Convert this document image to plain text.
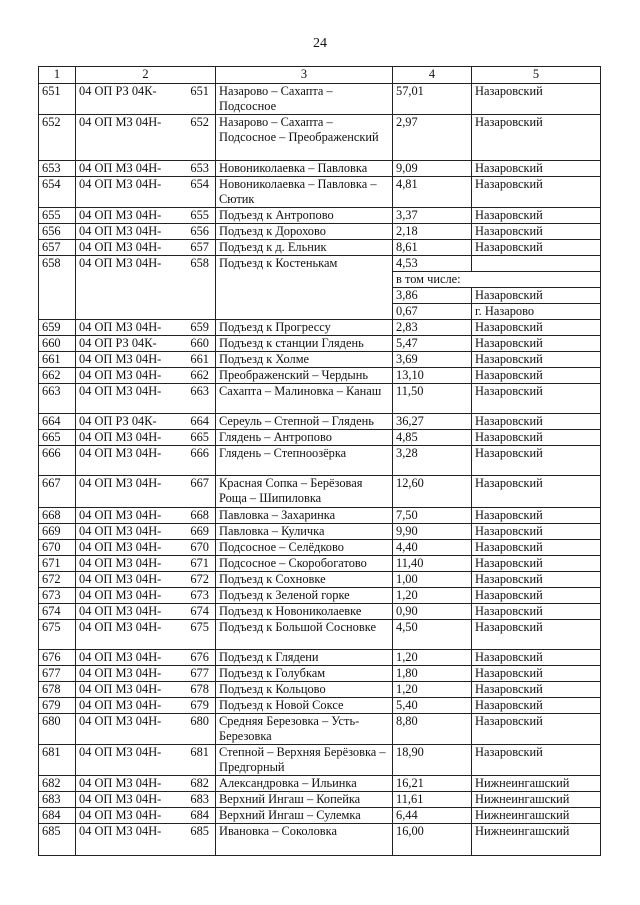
24
1	2	3	4	5
651	04 ОП РЗ 04К- 651	Назарово – Сахапта – Подсосное	57,01	Назаровский
652	04 ОП МЗ 04Н- 652	Назарово – Сахапта – Подсосное – Преображенский	2,97	Назаровский
653	04 ОП МЗ 04Н- 653	Новониколаевка – Павловка	9,09	Назаровский
654	04 ОП МЗ 04Н- 654	Новониколаевка – Павловка – Сютик	4,81	Назаровский
655	04 ОП МЗ 04Н- 655	Подъезд к Антропово	3,37	Назаровский
656	04 ОП МЗ 04Н- 656	Подъезд к Дорохово	2,18	Назаровский
657	04 ОП МЗ 04Н- 657	Подъезд к д. Ельник	8,61	Назаровский
658	04 ОП МЗ 04Н- 658	Подъезд к Костенькам	4,53	
			в том числе:	
			3,86	Назаровский
			0,67	г. Назарово
659	04 ОП МЗ 04Н- 659	Подъезд к Прогрессу	2,83	Назаровский
660	04 ОП РЗ 04К- 660	Подъезд к станции Глядень	5,47	Назаровский
661	04 ОП МЗ 04Н- 661	Подъезд к Холме	3,69	Назаровский
662	04 ОП МЗ 04Н- 662	Преображенский – Чердынь	13,10	Назаровский
663	04 ОП МЗ 04Н- 663	Сахапта – Малиновка – Канаш	11,50	Назаровский
664	04 ОП РЗ 04К- 664	Сереуль – Степной – Глядень	36,27	Назаровский
665	04 ОП МЗ 04Н- 665	Глядень – Антропово	4,85	Назаровский
666	04 ОП МЗ 04Н- 666	Глядень – Степноозёрка	3,28	Назаровский
667	04 ОП МЗ 04Н- 667	Красная Сопка – Берёзовая Роща – Шипиловка	12,60	Назаровский
668	04 ОП МЗ 04Н- 668	Павловка – Захаринка	7,50	Назаровский
669	04 ОП МЗ 04Н- 669	Павловка – Куличка	9,90	Назаровский
670	04 ОП МЗ 04Н- 670	Подсосное – Селёдково	4,40	Назаровский
671	04 ОП МЗ 04Н- 671	Подсосное – Скоробогатово	11,40	Назаровский
672	04 ОП МЗ 04Н- 672	Подъезд к Сохновке	1,00	Назаровский
673	04 ОП МЗ 04Н- 673	Подъезд к Зеленой горке	1,20	Назаровский
674	04 ОП МЗ 04Н- 674	Подъезд к Новониколаевке	0,90	Назаровский
675	04 ОП МЗ 04Н- 675	Подъезд к Большой Сосновке	4,50	Назаровский
676	04 ОП МЗ 04Н- 676	Подъезд к Глядени	1,20	Назаровский
677	04 ОП МЗ 04Н- 677	Подъезд к Голубкам	1,80	Назаровский
678	04 ОП МЗ 04Н- 678	Подъезд к Кольцово	1,20	Назаровский
679	04 ОП МЗ 04Н- 679	Подъезд к Новой Соксе	5,40	Назаровский
680	04 ОП МЗ 04Н- 680	Средняя Березовка – Усть-Березовка	8,80	Назаровский
681	04 ОП МЗ 04Н- 681	Степной – Верхняя Берёзовка – Предгорный	18,90	Назаровский
682	04 ОП МЗ 04Н- 682	Александровка – Ильинка	16,21	Нижнеингашский
683	04 ОП МЗ 04Н- 683	Верхний Ингаш – Копейка	11,61	Нижнеингашский
684	04 ОП МЗ 04Н- 684	Верхний Ингаш – Сулемка	6,44	Нижнеингашский
685	04 ОП МЗ 04Н- 685	Ивановка – Соколовка	16,00	Нижнеингашский
